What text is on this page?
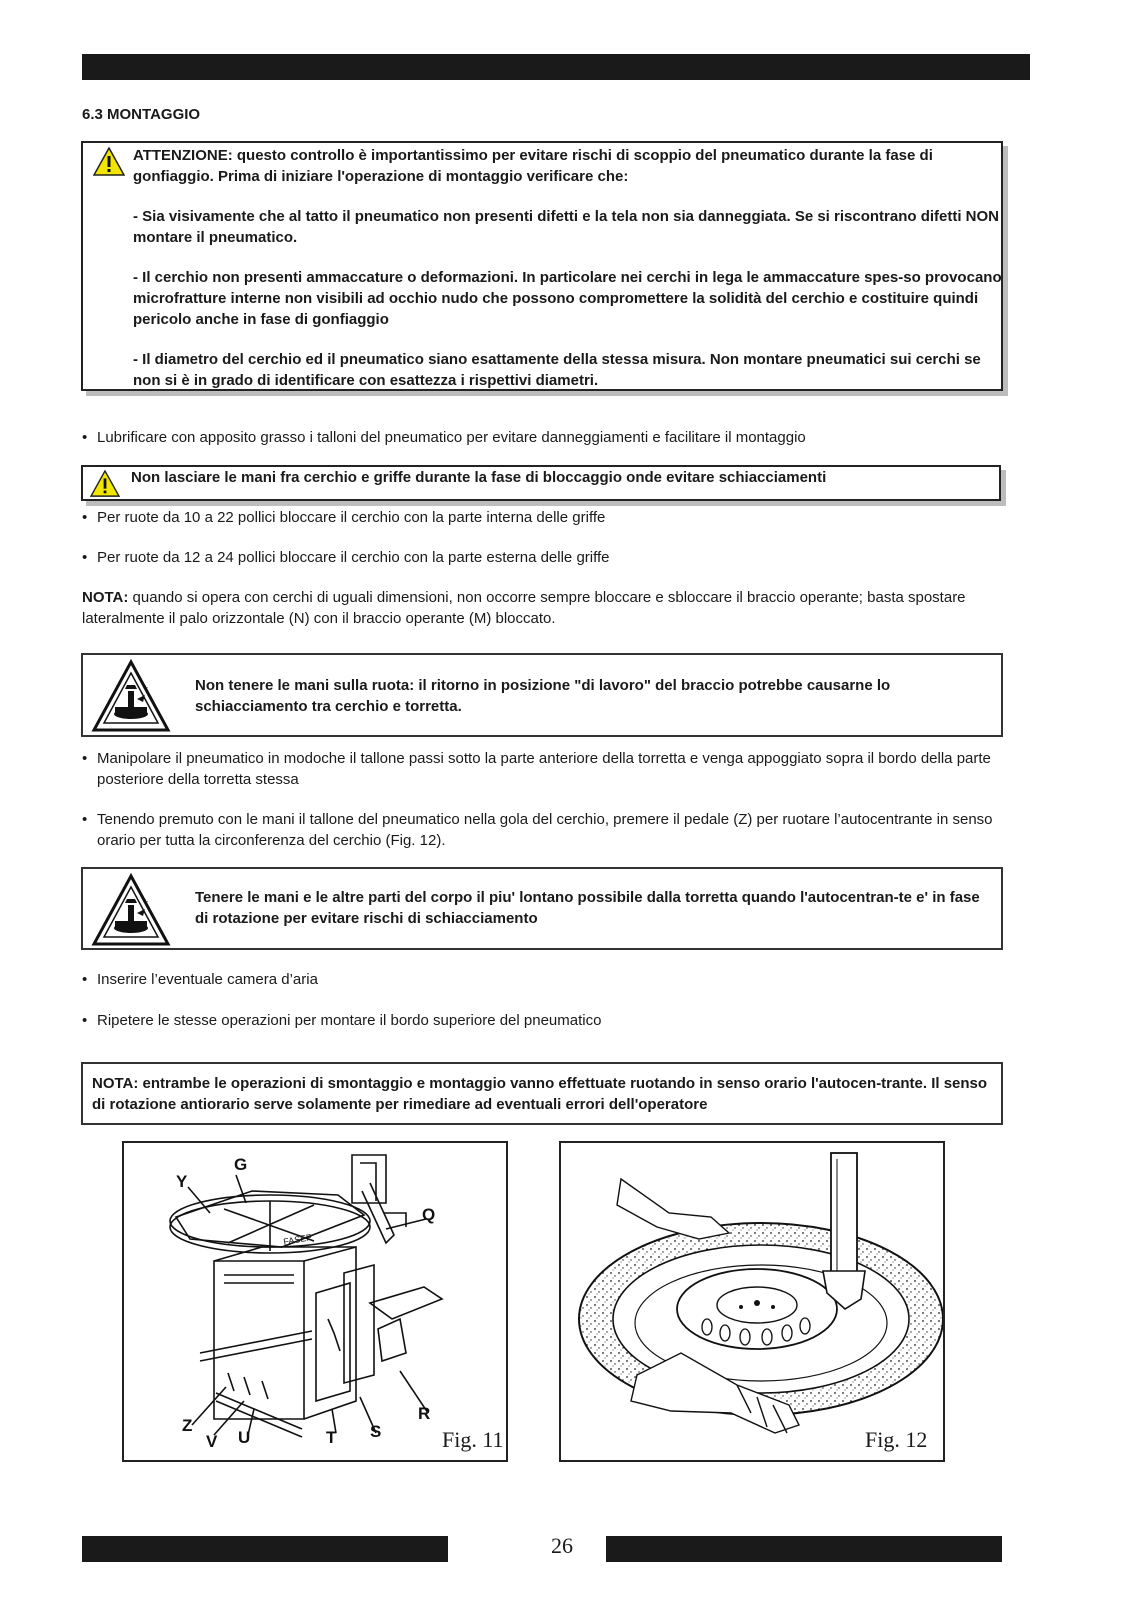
6.3 MONTAGGIO

ATTENZIONE: questo controllo è importantissimo per evitare rischi di scoppio del pneumatico durante la fase di gonfiaggio. Prima di iniziare l'operazione di montaggio verificare che:

- Sia visivamente che al tatto il pneumatico non presenti difetti e la tela non sia danneggiata. Se si riscontrano difetti NON montare il pneumatico.

- Il cerchio non presenti ammaccature o deformazioni. In particolare nei cerchi in lega le ammaccature spes-so provocano microfratture interne non visibili ad occhio nudo che possono compromettere la solidità del cerchio e costituire quindi pericolo anche in fase di gonfiaggio

- Il diametro del cerchio ed il pneumatico siano esattamente della stessa misura. Non montare pneumatici sui cerchi se non si è in grado di identificare con esattezza i rispettivi diametri.

• Lubrificare con apposito grasso i talloni del pneumatico per evitare danneggiamenti e facilitare il montaggio
Non lasciare le mani fra cerchio e griffe durante la fase di bloccaggio onde evitare schiacciamenti
• Per ruote da 10 a 22 pollici bloccare il cerchio con la parte interna delle griffe
• Per ruote da 12 a 24 pollici bloccare il cerchio con la parte esterna delle griffe
NOTA: quando si opera con cerchi di uguali dimensioni, non occorre sempre bloccare e sbloccare il braccio operante; basta spostare lateralmente il palo orizzontale (N) con il braccio operante (M) bloccato.
+	Non tenere le mani sulla ruota: il ritorno in posizione "di lavoro" del braccio potrebbe causarne lo schiacciamento tra cerchio e torretta.
• Manipolare il pneumatico in modoche il tallone passi sotto la parte anteriore della torretta e venga appoggiato sopra il bordo della parte posteriore della torretta stessa
• Tenendo premuto con le mani il tallone del pneumatico nella gola del cerchio, premere il pedale (Z) per ruotare l’autocentrante in senso orario per tutta la circonferenza del cerchio (Fig. 12).
+	Tenere le mani e le altre parti del corpo il piu' lontano possibile dalla torretta quando l'autocentran-te e' in fase di rotazione per evitare rischi di schiacciamento
• Inserire l’eventuale camera d’aria
• Ripetere le stesse operazioni per montare il bordo superiore del pneumatico
NOTA: entrambe le operazioni di smontaggio e montaggio vanno effettuate ruotando in senso orario l'autocen-trante. Il senso di rotazione antiorario serve solamente per rimediare ad eventuali errori dell'operatore
FASEP
G
Y
Q
Z
V U	T S
R
Fig. 11	Fig. 12
26
